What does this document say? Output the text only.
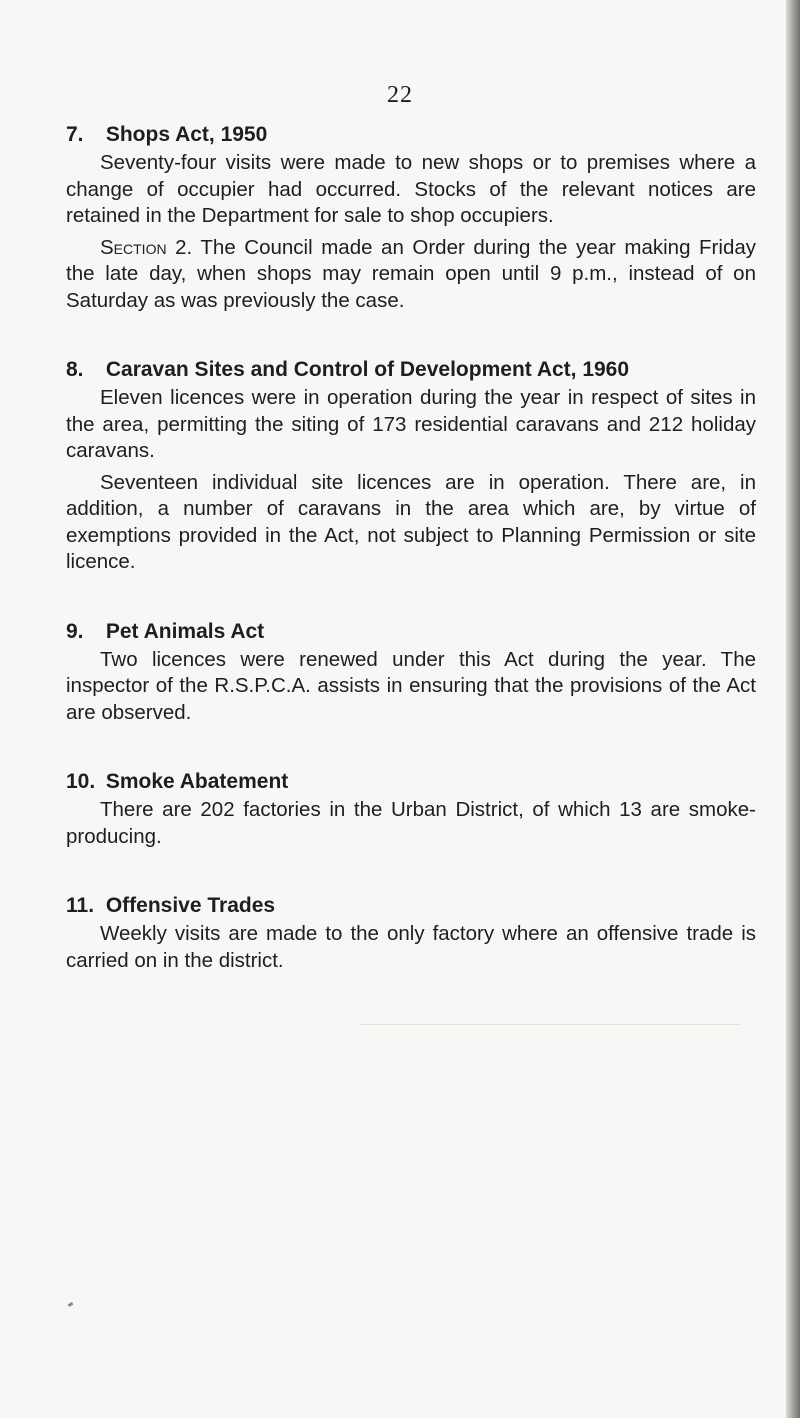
22

7. Shops Act, 1950

Seventy-four visits were made to new shops or to premises where a change of occupier had occurred. Stocks of the relevant notices are retained in the Department for sale to shop occupiers.

Section 2. The Council made an Order during the year making Friday the late day, when shops may remain open until 9 p.m., instead of on Saturday as was previously the case.

8. Caravan Sites and Control of Development Act, 1960

Eleven licences were in operation during the year in respect of sites in the area, permitting the siting of 173 residential caravans and 212 holiday caravans.

Seventeen individual site licences are in operation. There are, in addition, a number of caravans in the area which are, by virtue of exemptions provided in the Act, not subject to Planning Permission or site licence.

9. Pet Animals Act

Two licences were renewed under this Act during the year. The inspector of the R.S.P.C.A. assists in ensuring that the provisions of the Act are observed.

10. Smoke Abatement

There are 202 factories in the Urban District, of which 13 are smoke-producing.

11. Offensive Trades

Weekly visits are made to the only factory where an offensive trade is carried on in the district.
